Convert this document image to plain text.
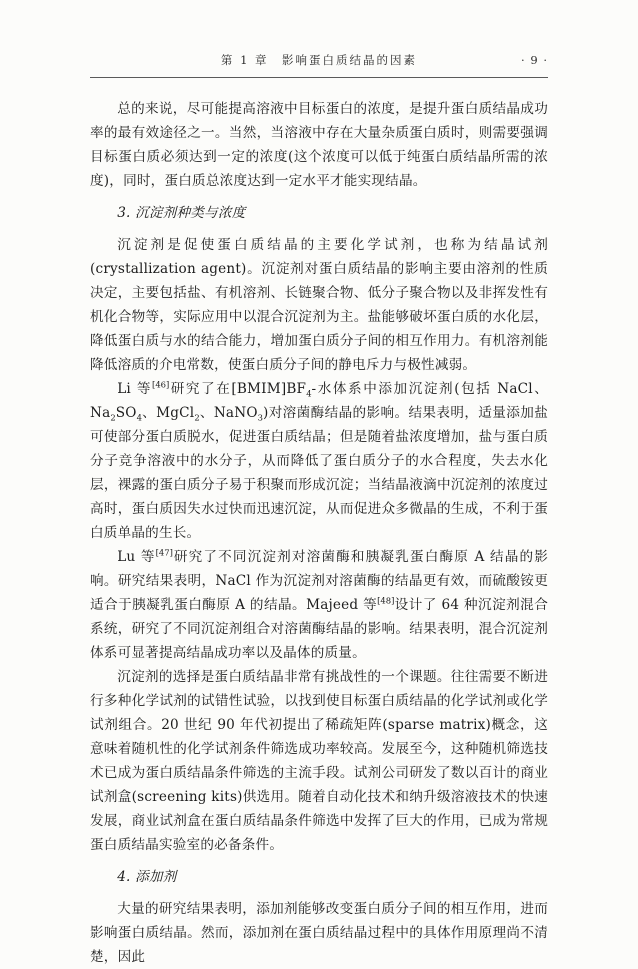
第 1 章　影响蛋白质结晶的因素	· 9 ·

总的来说，尽可能提高溶液中目标蛋白的浓度，是提升蛋白质结晶成功率的最有效途径之一。当然，当溶液中存在大量杂质蛋白质时，则需要强调目标蛋白质必须达到一定的浓度(这个浓度可以低于纯蛋白质结晶所需的浓度)，同时，蛋白质总浓度达到一定水平才能实现结晶。

3. 沉淀剂种类与浓度

沉淀剂是促使蛋白质结晶的主要化学试剂，也称为结晶试剂(crystallization agent)。沉淀剂对蛋白质结晶的影响主要由溶剂的性质决定，主要包括盐、有机溶剂、长链聚合物、低分子聚合物以及非挥发性有机化合物等，实际应用中以混合沉淀剂为主。盐能够破坏蛋白质的水化层，降低蛋白质与水的结合能力，增加蛋白质分子间的相互作用力。有机溶剂能降低溶质的介电常数，使蛋白质分子间的静电斥力与极性减弱。

Li 等[46]研究了在$[BMIM]BF_4-$水体系中添加沉淀剂(包括 NaCl、$Na_2SO_4$、MgCl$_2$、NaNO$_3$)对溶菌酶结晶的影响。结果表明，适量添加盐可使部分蛋白质脱水，促进蛋白质结晶；但是随着盐浓度增加，盐与蛋白质分子竞争溶液中的水分子，从而降低了蛋白质分子的水合程度，失去水化层，裸露的蛋白质分子易于积聚而形成沉淀；当结晶液滴中沉淀剂的浓度过高时，蛋白质因失水过快而迅速沉淀，从而促进众多微晶的生成，不利于蛋白质单晶的生长。

Lu 等[47]研究了不同沉淀剂对溶菌酶和胰凝乳蛋白酶原 A 结晶的影响。研究结果表明，NaCl 作为沉淀剂对溶菌酶的结晶更有效，而硫酸铵更适合于胰凝乳蛋白酶原 A 的结晶。Majeed 等[48]设计了 64 种沉淀剂混合系统，研究了不同沉淀剂组合对溶菌酶结晶的影响。结果表明，混合沉淀剂体系可显著提高结晶成功率以及晶体的质量。

沉淀剂的选择是蛋白质结晶非常有挑战性的一个课题。往往需要不断进行多种化学试剂的试错性试验，以找到使目标蛋白质结晶的化学试剂或化学试剂组合。20 世纪 90 年代初提出了稀疏矩阵(sparse matrix)概念，这意味着随机性的化学试剂条件筛选成功率较高。发展至今，这种随机筛选技术已成为蛋白质结晶条件筛选的主流手段。试剂公司研发了数以百计的商业试剂盒(screening kits)供选用。随着自动化技术和纳升级溶液技术的快速发展，商业试剂盒在蛋白质结晶条件筛选中发挥了巨大的作用，已成为常规蛋白质结晶实验室的必备条件。

4. 添加剂

大量的研究结果表明，添加剂能够改变蛋白质分子间的相互作用，进而影响蛋白质结晶。然而，添加剂在蛋白质结晶过程中的具体作用原理尚不清楚，因此
